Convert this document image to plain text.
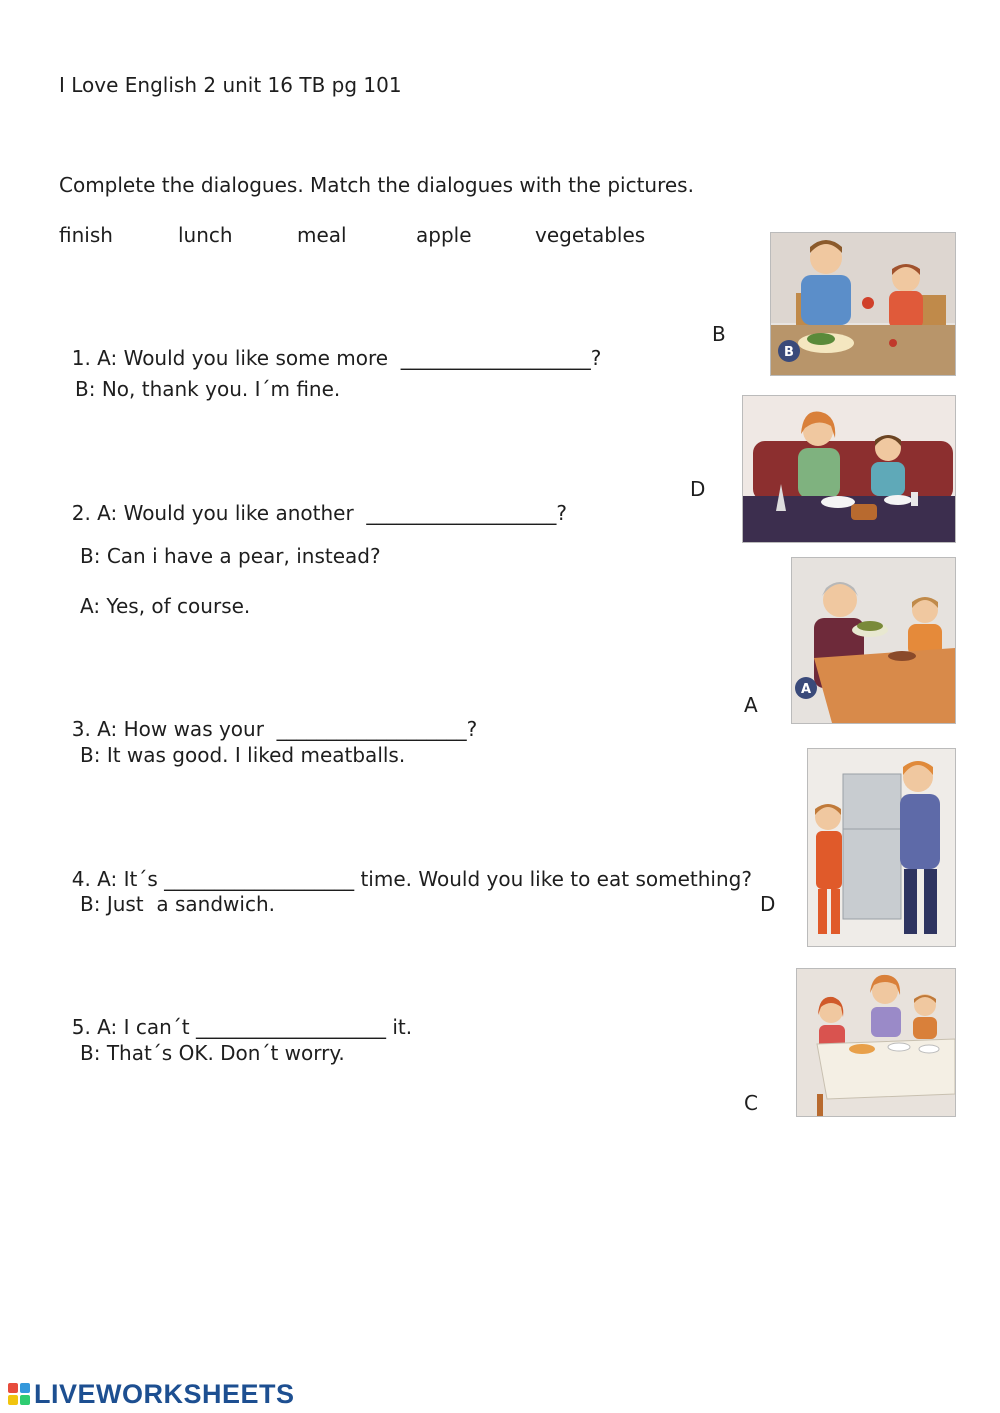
I Love English 2 unit 16 TB pg 101
Complete the dialogues. Match the dialogues with the pictures.
finish	lunch	meal	apple	vegetables

1. A: Would you like some more ___________________?

B
B: No, thank you. I´m fine.

2. A: Would you like another ___________________?

D
B: Can i have a pear, instead?
A: Yes, of course.

3. A: How was your ___________________?

A
B: It was good. I liked meatballs.

4. A: It´s ___________________ time. Would you like to eat something?

B: Just  a sandwich.	D

5. A: I can´t ___________________ it.

B: That´s OK. Don´t worry.
C
B
A
LIVEWORKSHEETS
